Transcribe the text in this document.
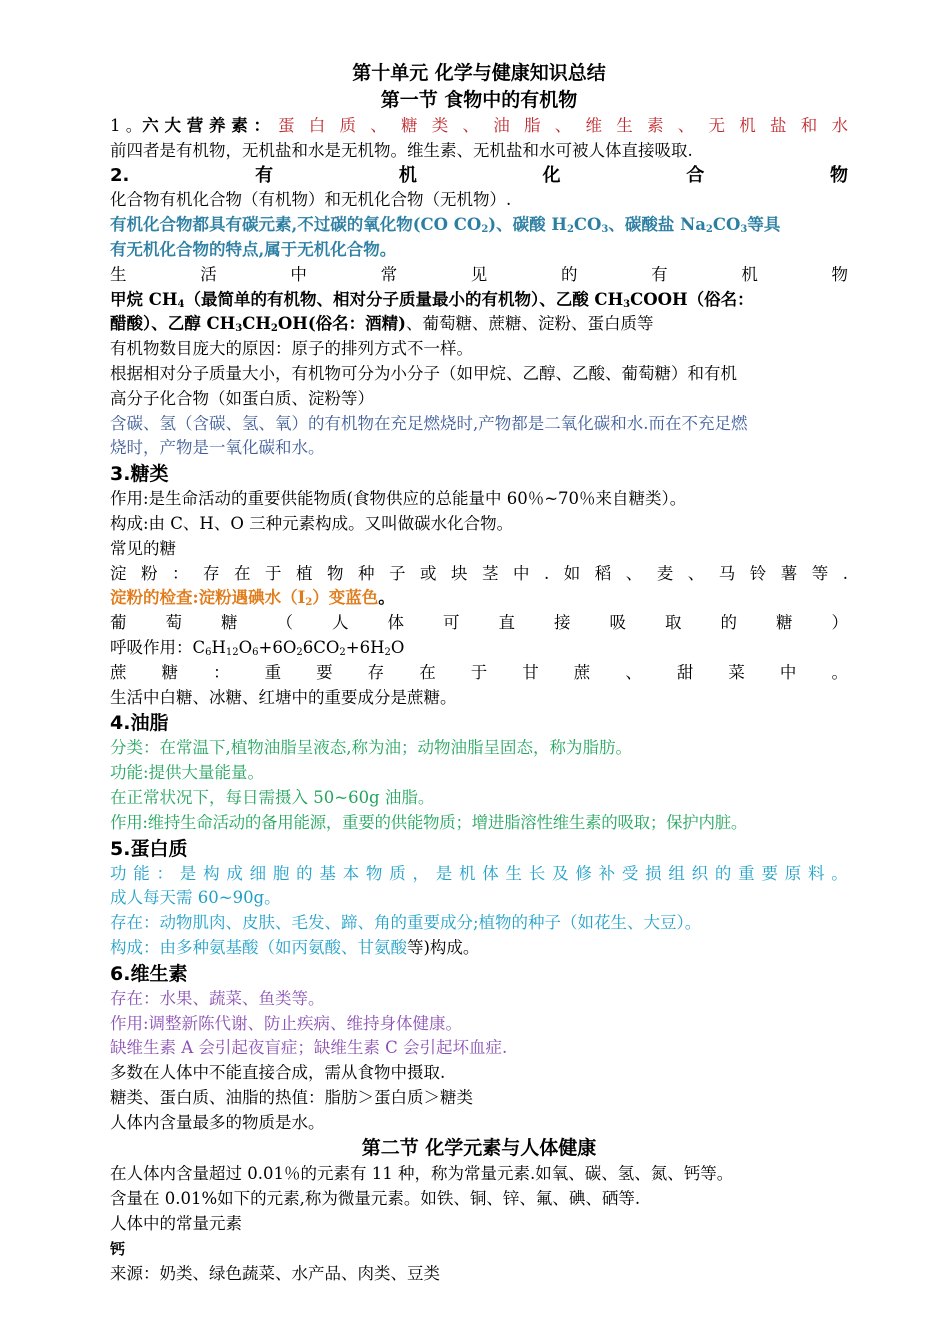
第十单元 化学与健康知识总结
第一节 食物中的有机物
1 。 六 大 营 养 素 ： 蛋 白 质 、 糖 类 、 油 脂 、 维 生 素 、 无 机 盐 和 水
前四者是有机物，无机盐和水是无机物。维生素、无机盐和水可被人体直接吸取.
2.	有	机	化	合	物
化合物有机化合物（有机物）和无机化合物（无机物）.
有机化合物都具有碳元素,不过碳的氧化物(CO $CO_2$)、碳酸 $H_2CO_3$、碳酸盐 $Na_2CO_3$等具
有无机化合物的特点,属于无机化合物。
生	活	中	常	见	的	有	机	物
甲烷 $CH_4$（最简单的有机物、相对分子质量最小的有机物）、乙酸 $CH_3COOH$（俗名：
醋酸）、乙醇 $CH_3CH_2OH$(俗名：酒精)、葡萄糖、蔗糖、淀粉、蛋白质等
有机物数目庞大的原因：原子的排列方式不一样。
根据相对分子质量大小，有机物可分为小分子（如甲烷、乙醇、乙酸、葡萄糖）和有机
高分子化合物（如蛋白质、淀粉等）
含碳、氢（含碳、氢、氧）的有机物在充足燃烧时,产物都是二氧化碳和水.而在不充足燃
烧时，产物是一氧化碳和水。
3.糖类
作用:是生命活动的重要供能物质(食物供应的总能量中 60％~70％来自糖类）。
构成:由 C、H、O 三种元素构成。又叫做碳水化合物。
常见的糖
淀 粉 ： 存 在 于 植 物 种 子 或 块 茎 中 . 如 稻 、 麦 、 马 铃 薯 等 .
淀粉的检查:淀粉遇碘水$(I_2)$变蓝色。
葡 萄 糖 （ 人 体 可 直 接 吸 取 的 糖 ）
呼吸作用：$C_6H_{12}O_6+6O_26CO_2+6H_2O$
蔗 糖 ： 重 要 存 在 于 甘 蔗 、 甜 菜 中 。
生活中白糖、冰糖、红塘中的重要成分是蔗糖。
4.油脂
分类：在常温下,植物油脂呈液态,称为油；动物油脂呈固态，称为脂肪。
功能:提供大量能量。
在正常状况下，每日需摄入 50~60g 油脂。
作用:维持生命活动的备用能源，重要的供能物质；增进脂溶性维生素的吸取；保护内脏。
5.蛋白质
功 能 ： 是 构 成 细 胞 的 基 本 物 质 ， 是 机 体 生 长 及 修 补 受 损 组 织 的 重 要 原 料 。
成人每天需 60~90g。
存在：动物肌肉、皮肤、毛发、蹄、角的重要成分;植物的种子（如花生、大豆）。
构成：由多种氨基酸（如丙氨酸、甘氨酸等)构成。
6.维生素
存在：水果、蔬菜、鱼类等。
作用:调整新陈代谢、防止疾病、维持身体健康。
缺维生素 A 会引起夜盲症；缺维生素 C 会引起坏血症.
多数在人体中不能直接合成，需从食物中摄取.
糖类、蛋白质、油脂的热值：脂肪＞蛋白质＞糖类
人体内含量最多的物质是水。
第二节 化学元素与人体健康
在人体内含量超过 0.01％的元素有 11 种，称为常量元素.如氧、碳、氢、氮、钙等。
含量在 0.01%如下的元素,称为微量元素。如铁、铜、锌、氟、碘、硒等.
人体中的常量元素
钙
来源：奶类、绿色蔬菜、水产品、肉类、豆类
